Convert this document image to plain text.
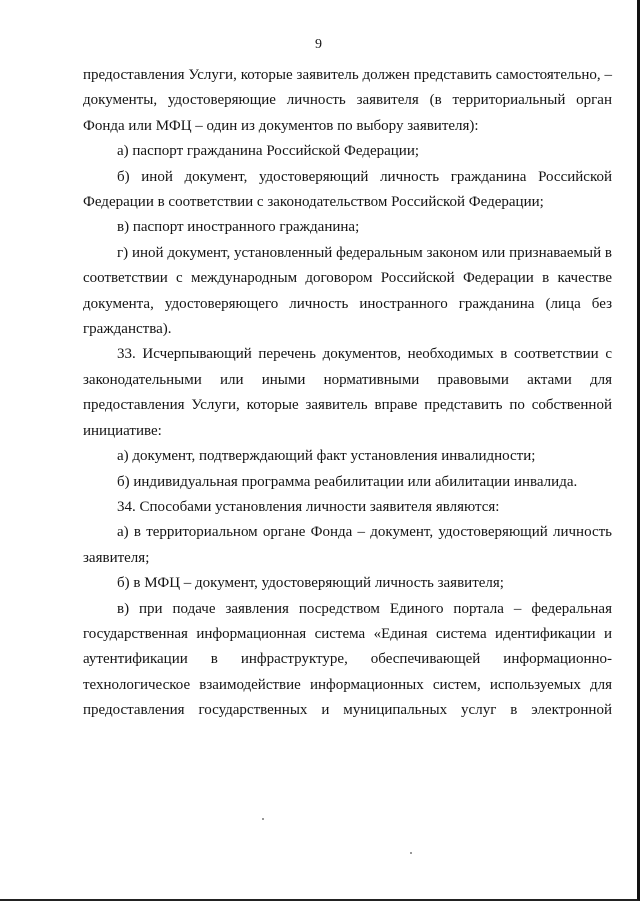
9

предоставления Услуги, которые заявитель должен представить самостоятельно, – документы, удостоверяющие личность заявителя (в территориальный орган Фонда или МФЦ – один из документов по выбору заявителя):

а) паспорт гражданина Российской Федерации;

б) иной документ, удостоверяющий личность гражданина Российской Федерации в соответствии с законодательством Российской Федерации;

в) паспорт иностранного гражданина;

г) иной документ, установленный федеральным законом или признаваемый в соответствии с международным договором Российской Федерации в качестве документа, удостоверяющего личность иностранного гражданина (лица без гражданства).

33. Исчерпывающий перечень документов, необходимых в соответствии с законодательными или иными нормативными правовыми актами для предоставления Услуги, которые заявитель вправе представить по собственной инициативе:

а) документ, подтверждающий факт установления инвалидности;

б) индивидуальная программа реабилитации или абилитации инвалида.

34. Способами установления личности заявителя являются:

а) в территориальном органе Фонда – документ, удостоверяющий личность заявителя;

б) в МФЦ – документ, удостоверяющий личность заявителя;

в) при подаче заявления посредством Единого портала – федеральная государственная информационная система «Единая система идентификации и аутентификации в инфраструктуре, обеспечивающей информационно-технологическое взаимодействие информационных систем, используемых для предоставления государственных и муниципальных услуг в электронной
